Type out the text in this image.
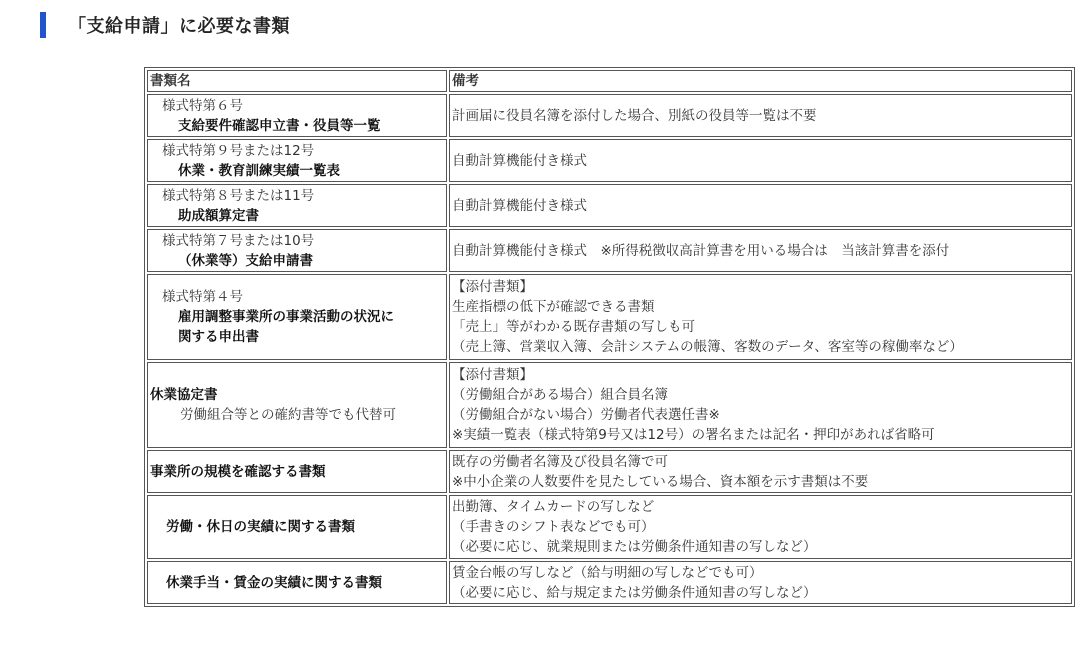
「支給申請」に必要な書類
書類名	備考

様式特第６号
支給要件確認申立書・役員等一覧	計画届に役員名簿を添付した場合、別紙の役員等一覧は不要

様式特第９号または12号
休業・教育訓練実績一覧表	自動計算機能付き様式

様式特第８号または11号
助成額算定書	自動計算機能付き様式

様式特第７号または10号
（休業等）支給申請書	自動計算機能付き様式　※所得税徴収高計算書を用いる場合は　当該計算書を添付

様式特第４号
雇用調整事業所の事業活動の状況に
関する申出書	【添付書類】
生産指標の低下が確認できる書類
「売上」等がわかる既存書類の写しも可
（売上簿、営業収入簿、会計システムの帳簿、客数のデータ、客室等の稼働率など）

休業協定書
労働組合等との確約書等でも代替可	【添付書類】
（労働組合がある場合）組合員名簿
（労働組合がない場合）労働者代表選任書※
※実績一覧表（様式特第9号又は12号）の署名または記名・押印があれば省略可

事業所の規模を確認する書類	既存の労働者名簿及び役員名簿で可
※中小企業の人数要件を見たしている場合、資本額を示す書類は不要

労働・休日の実績に関する書類	出勤簿、タイムカードの写しなど
（手書きのシフト表などでも可）
（必要に応じ、就業規則または労働条件通知書の写しなど）

休業手当・賃金の実績に関する書類	賃金台帳の写しなど（給与明細の写しなどでも可）
（必要に応じ、給与規定または労働条件通知書の写しなど）
